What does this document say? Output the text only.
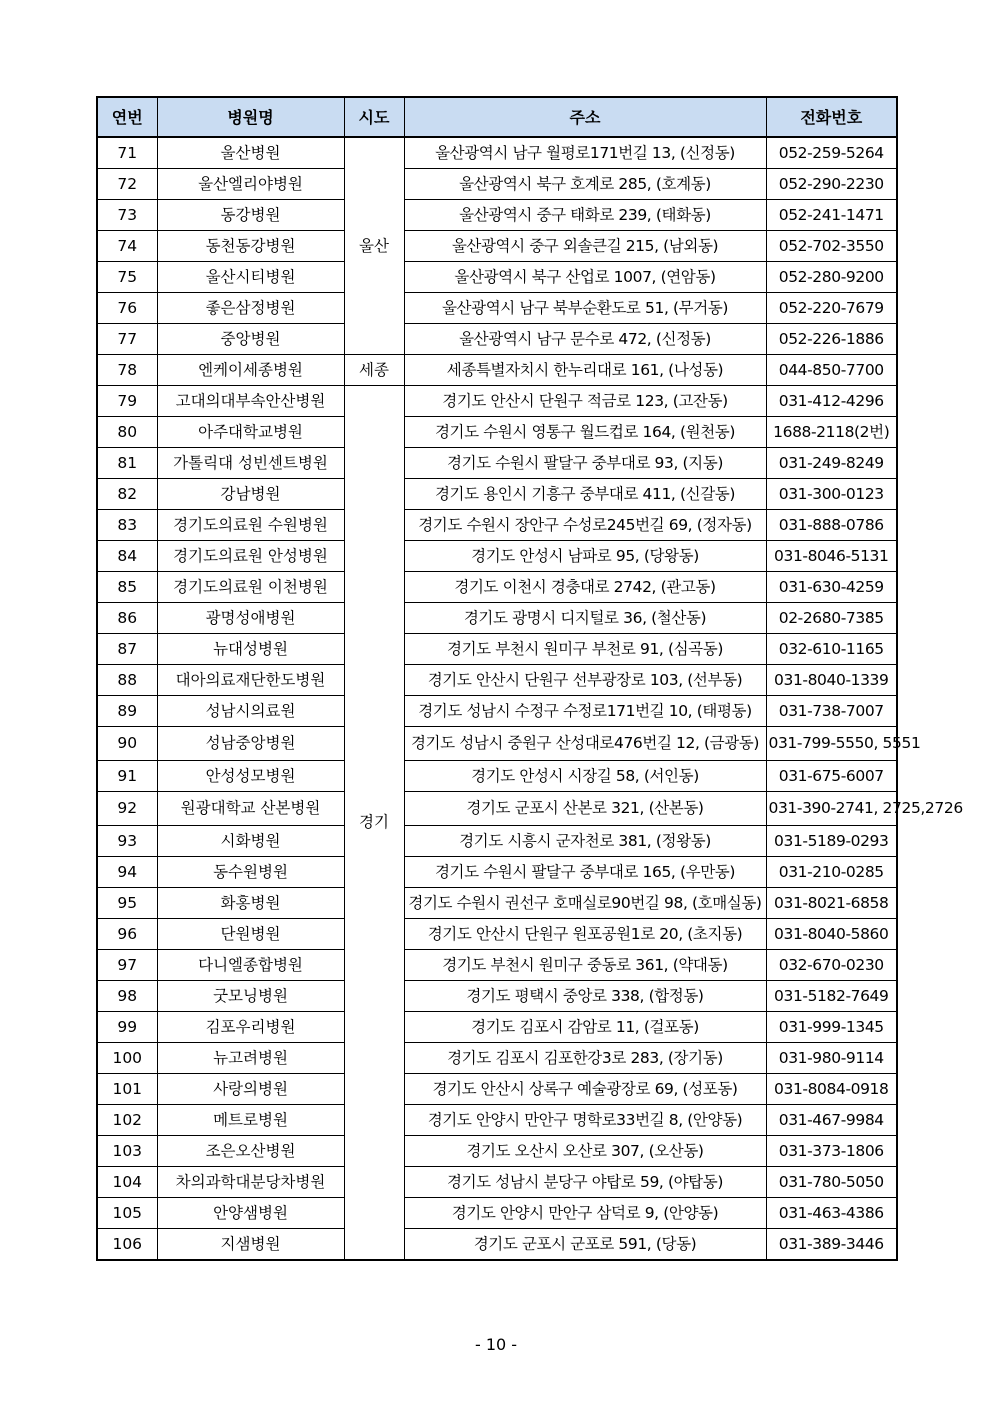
연번	병원명	시도	주소	전화번호
71	울산병원	울산	울산광역시 남구 월평로171번길 13, (신정동)	052-259-5264
72	울산엘리야병원		울산광역시 북구 호계로 285, (호계동)	052-290-2230
73	동강병원		울산광역시 중구 태화로 239, (태화동)	052-241-1471
74	동천동강병원		울산광역시 중구 외솔큰길 215, (남외동)	052-702-3550
75	울산시티병원		울산광역시 북구 산업로 1007, (연암동)	052-280-9200
76	좋은삼정병원		울산광역시 남구 북부순환도로 51, (무거동)	052-220-7679
77	중앙병원		울산광역시 남구 문수로 472, (신정동)	052-226-1886
78	엔케이세종병원	세종	세종특별자치시 한누리대로 161, (나성동)	044-850-7700
79	고대의대부속안산병원	경기	경기도 안산시 단원구 적금로 123, (고잔동)	031-412-4296
80	아주대학교병원		경기도 수원시 영통구 월드컵로 164, (원천동)	1688-2118(2번)
81	가톨릭대 성빈센트병원		경기도 수원시 팔달구 중부대로 93, (지동)	031-249-8249
82	강남병원		경기도 용인시 기흥구 중부대로 411, (신갈동)	031-300-0123
83	경기도의료원 수원병원		경기도 수원시 장안구 수성로245번길 69, (정자동)	031-888-0786
84	경기도의료원 안성병원		경기도 안성시 남파로 95, (당왕동)	031-8046-5131
85	경기도의료원 이천병원		경기도 이천시 경충대로 2742, (관고동)	031-630-4259
86	광명성애병원		경기도 광명시 디지털로 36, (철산동)	02-2680-7385
87	뉴대성병원		경기도 부천시 원미구 부천로 91, (심곡동)	032-610-1165
88	대아의료재단한도병원		경기도 안산시 단원구 선부광장로 103, (선부동)	031-8040-1339
89	성남시의료원		경기도 성남시 수정구 수정로171번길 10, (태평동)	031-738-7007
90	성남중앙병원		경기도 성남시 중원구 산성대로476번길 12, (금광동)	031-799-5550, 5551
91	안성성모병원		경기도 안성시 시장길 58, (서인동)	031-675-6007
92	원광대학교 산본병원		경기도 군포시 산본로 321, (산본동)	031-390-2741, 2725,2726
93	시화병원		경기도 시흥시 군자천로 381, (정왕동)	031-5189-0293
94	동수원병원		경기도 수원시 팔달구 중부대로 165, (우만동)	031-210-0285
95	화홍병원		경기도 수원시 권선구 호매실로90번길 98, (호매실동)	031-8021-6858
96	단원병원		경기도 안산시 단원구 원포공원1로 20, (초지동)	031-8040-5860
97	다니엘종합병원		경기도 부천시 원미구 중동로 361, (약대동)	032-670-0230
98	굿모닝병원		경기도 평택시 중앙로 338, (합정동)	031-5182-7649
99	김포우리병원		경기도 김포시 감암로 11, (걸포동)	031-999-1345
100	뉴고려병원		경기도 김포시 김포한강3로 283, (장기동)	031-980-9114
101	사랑의병원		경기도 안산시 상록구 예술광장로 69, (성포동)	031-8084-0918
102	메트로병원		경기도 안양시 만안구 명학로33번길 8, (안양동)	031-467-9984
103	조은오산병원		경기도 오산시 오산로 307, (오산동)	031-373-1806
104	차의과학대분당차병원		경기도 성남시 분당구 야탑로 59, (야탑동)	031-780-5050
105	안양샘병원		경기도 안양시 만안구 삼덕로 9, (안양동)	031-463-4386
106	지샘병원		경기도 군포시 군포로 591, (당동)	031-389-3446
- 10 -
